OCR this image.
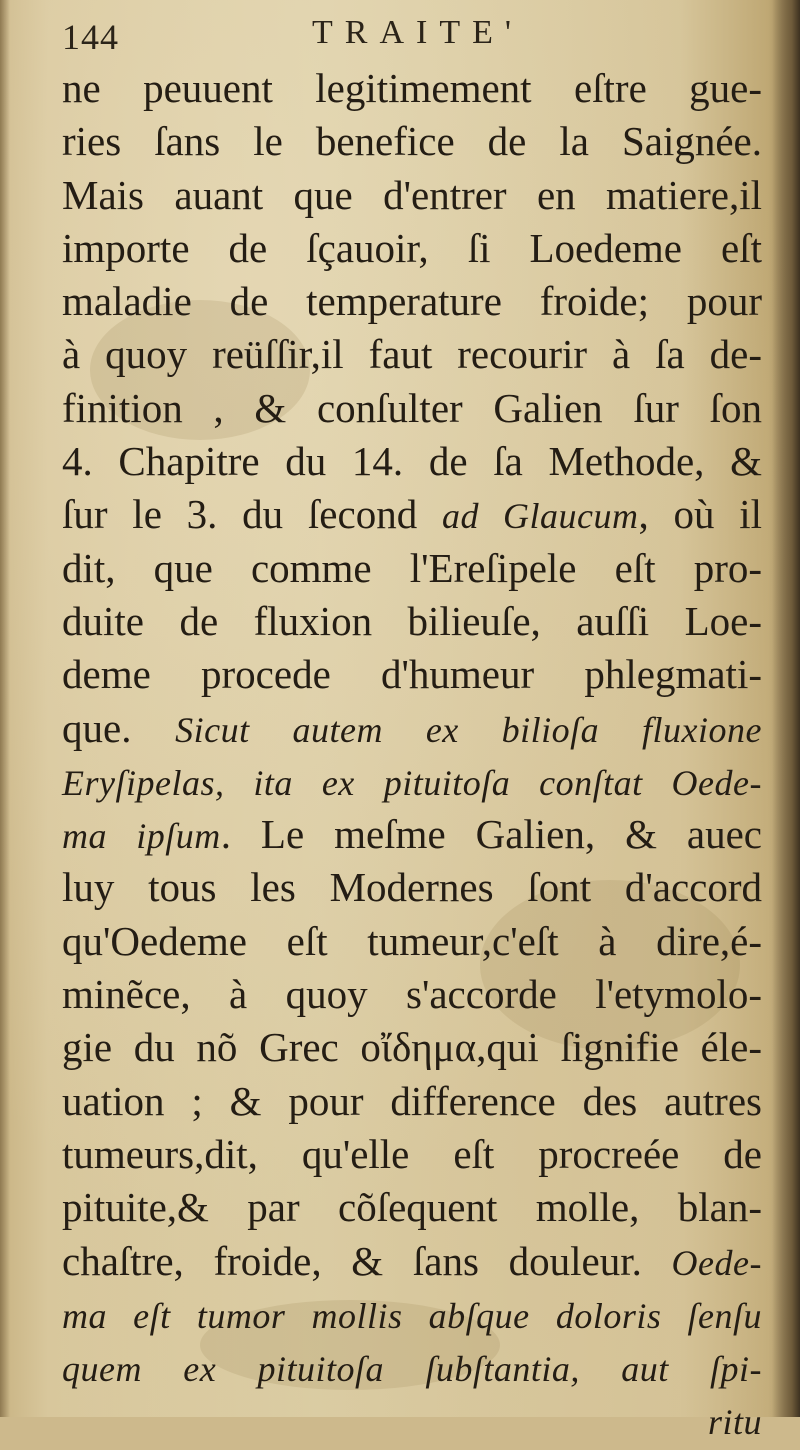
144	TRAITE'
ne peuuent legitimement eſtre gue-
ries ſans le benefice de la Saignée.
Mais auant que d'entrer en matiere,il
importe de ſçauoir, ſi Loedeme eſt
maladie de temperature froide; pour
à quoy reüſſir,il faut recourir à ſa de-
finition , & conſulter Galien ſur ſon
4. Chapitre du 14. de ſa Methode, &
ſur le 3. du ſecond ad Glaucum, où il
dit, que comme l'Ereſipele eſt pro-
duite de fluxion bilieuſe, auſſi Loe-
deme procede d'humeur phlegmati-
que. Sicut autem ex bilioſa fluxione
Eryſipelas, ita ex pituitoſa conſtat Oede-
ma ipſum. Le meſme Galien, & auec
luy tous les Modernes ſont d'accord
qu'Oedeme eſt tumeur,c'eſt à dire,é-
minẽce, à quoy s'accorde l'etymolo-
gie du nõ Grec οἴδημα,qui ſignifie éle-
uation ; & pour difference des autres
tumeurs,dit, qu'elle eſt procreée de
pituite,& par cõſequent molle, blan-
chaſtre, froide, & ſans douleur. Oede-
ma eſt tumor mollis abſque doloris ſenſu
quem ex pituitoſa ſubſtantia, aut ſpi-
ritu
